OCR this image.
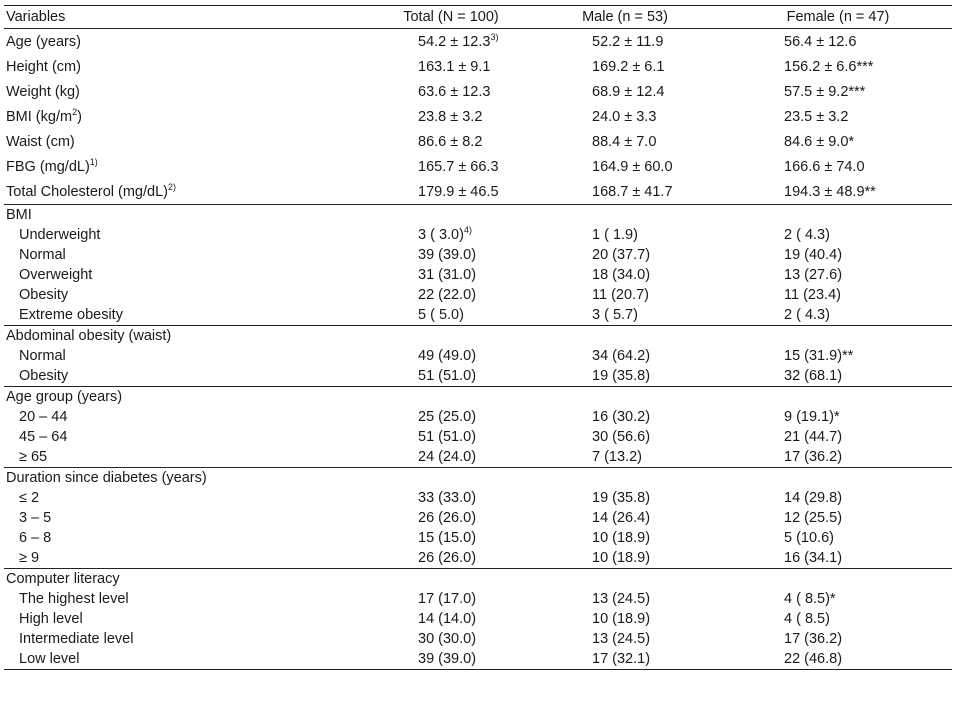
Variables	Total (N = 100)	Male (n = 53)	Female (n = 47)
Age (years)	$54.2 \pm 12.3^{3)}$	52.2 ± 11.9	56.4 ± 12.6
Height (cm)	163.1 ± 9.1	169.2 ± 6.1	156.2 ± 6.6***
Weight (kg)	63.6 ± 12.3	68.9 ± 12.4	57.5 ± 9.2***
BMI $(kg/m^2)$	23.8 ± 3.2	24.0 ± 3.3	23.5 ± 3.2
Waist (cm)	86.6 ± 8.2	88.4 ± 7.0	84.6 ± 9.0*
FBG $(mg/dL)^{1)}$	165.7 ± 66.3	164.9 ± 60.0	166.6 ± 74.0
Total Cholesterol $(mg/dL)^{2)}$	179.9 ± 46.5	168.7 ± 41.7	194.3 ± 48.9**
BMI			
Underweight	3 ( 3.0)$^{4)}$	1 ( 1.9)	2 ( 4.3)
Normal	39 (39.0)	20 (37.7)	19 (40.4)
Overweight	31 (31.0)	18 (34.0)	13 (27.6)
Obesity	22 (22.0)	11 (20.7)	11 (23.4)
Extreme obesity	5 ( 5.0)	3 ( 5.7)	2 ( 4.3)
Abdominal obesity (waist)			
Normal	49 (49.0)	34 (64.2)	15 (31.9)**
Obesity	51 (51.0)	19 (35.8)	32 (68.1)
Age group (years)			
20 – 44	25 (25.0)	16 (30.2)	9 (19.1)*
45 – 64	51 (51.0)	30 (56.6)	21 (44.7)
≥ 65	24 (24.0)	7 (13.2)	17 (36.2)
Duration since diabetes (years)			
≤ 2	33 (33.0)	19 (35.8)	14 (29.8)
3 – 5	26 (26.0)	14 (26.4)	12 (25.5)
6 – 8	15 (15.0)	10 (18.9)	5 (10.6)
≥ 9	26 (26.0)	10 (18.9)	16 (34.1)
Computer literacy			
The highest level	17 (17.0)	13 (24.5)	4 ( 8.5)*
High level	14 (14.0)	10 (18.9)	4 ( 8.5)
Intermediate level	30 (30.0)	13 (24.5)	17 (36.2)
Low level	39 (39.0)	17 (32.1)	22 (46.8)
